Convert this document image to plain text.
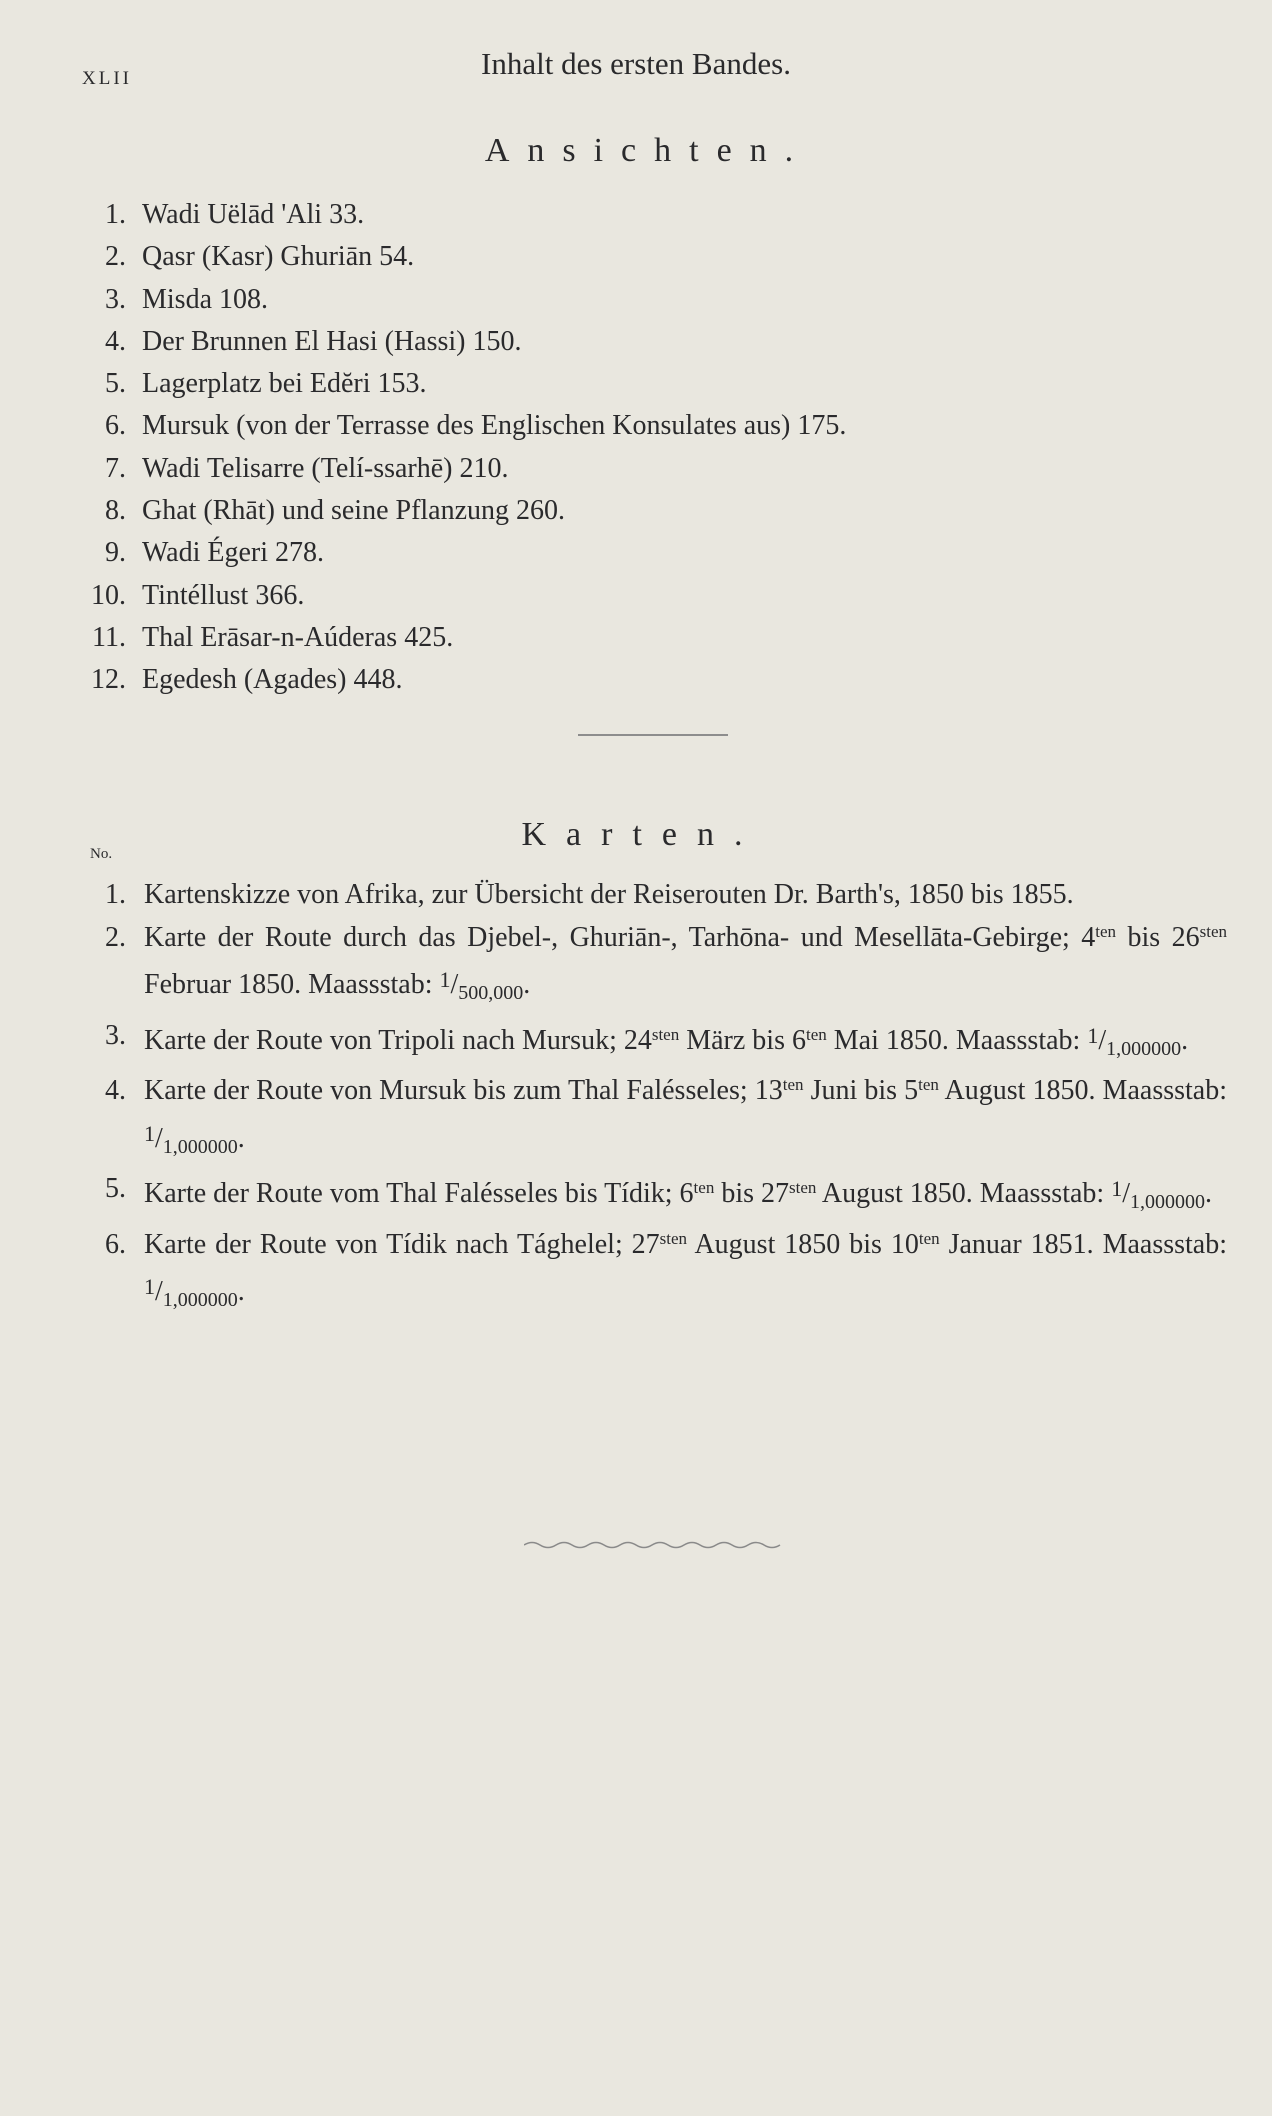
XLII	Inhalt des ersten Bandes.
Ansichten.
1. Wadi Uëlād 'Ali 33.
2. Qasr (Kasr) Ghuriān 54.
3. Misda 108.
4. Der Brunnen El Hasi (Hassi) 150.
5. Lagerplatz bei Edĕri 153.
6. Mursuk (von der Terrasse des Englischen Konsulates aus) 175.
7. Wadi Telisarre (Telí-ssarhē) 210.
8. Ghat (Rhāt) und seine Pflanzung 260.
9. Wadi Égeri 278.
10. Tintéllust 366.
11. Thal Erāsar-n-Aúderas 425.
12. Egedesh (Agades) 448.
No.
Karten.
1. Kartenskizze von Afrika, zur Übersicht der Reiserouten Dr. Barth's, 1850 bis 1855.
2. Karte der Route durch das Djebel-, Ghuriān-, Tarhōna- und Mesellāta-Gebirge; $4^{ten}$ bis $26^{sten}$ Februar 1850. Maassstab: $^1/_{500,000}$.
3. Karte der Route von Tripoli nach Mursuk; $24^{sten}$ März bis $6^{ten}$ Mai 1850. Maassstab: $^1/_{1,000000}$.
4. Karte der Route von Mursuk bis zum Thal Falésseles; $13^{ten}$ Juni bis $5^{ten}$ August 1850. Maassstab: $^1/_{1,000000}$.
5. Karte der Route vom Thal Falésseles bis Tídik; $6^{ten}$ bis $27^{sten}$ August 1850. Maassstab: $^1/_{1,000000}$.
6. Karte der Route von Tídik nach Tághelel; $27^{sten}$ August 1850 bis $10^{ten}$ Januar 1851. Maassstab: $^1/_{1,000000}$.
